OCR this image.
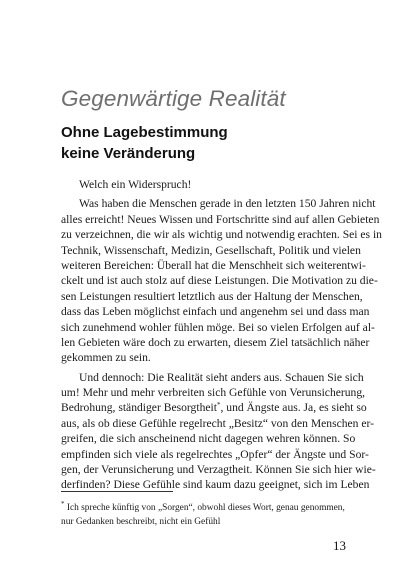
Gegenwärtige Realität
Ohne Lagebestimmung
keine Veränderung

Welch ein Widerspruch!

Was haben die Menschen gerade in den letzten 150 Jahren nicht
alles erreicht! Neues Wissen und Fortschritte sind auf allen Gebieten
zu verzeichnen, die wir als wichtig und notwendig erachten. Sei es in
Technik, Wissenschaft, Medizin, Gesellschaft, Politik und vielen
weiteren Bereichen: Überall hat die Menschheit sich weiterentwi-
ckelt und ist auch stolz auf diese Leistungen. Die Motivation zu die-
sen Leistungen resultiert letztlich aus der Haltung der Menschen,
dass das Leben möglichst einfach und angenehm sei und dass man
sich zunehmend wohler fühlen möge. Bei so vielen Erfolgen auf al-
len Gebieten wäre doch zu erwarten, diesem Ziel tatsächlich näher
gekommen zu sein.

Und dennoch: Die Realität sieht anders aus. Schauen Sie sich
um! Mehr und mehr verbreiten sich Gefühle von Verunsicherung,
Bedrohung, ständiger Besorgtheit*, und Ängste aus. Ja, es sieht so
aus, als ob diese Gefühle regelrecht „Besitz“ von den Menschen er-
greifen, die sich anscheinend nicht dagegen wehren können. So
empfinden sich viele als regelrechtes „Opfer“ der Ängste und Sor-
gen, der Verunsicherung und Verzagtheit. Können Sie sich hier wie-
derfinden? Diese Gefühle sind kaum dazu geeignet, sich im Leben

* Ich spreche künftig von „Sorgen“, obwohl dieses Wort, genau genommen,
nur Gedanken beschreibt, nicht ein Gefühl
13
